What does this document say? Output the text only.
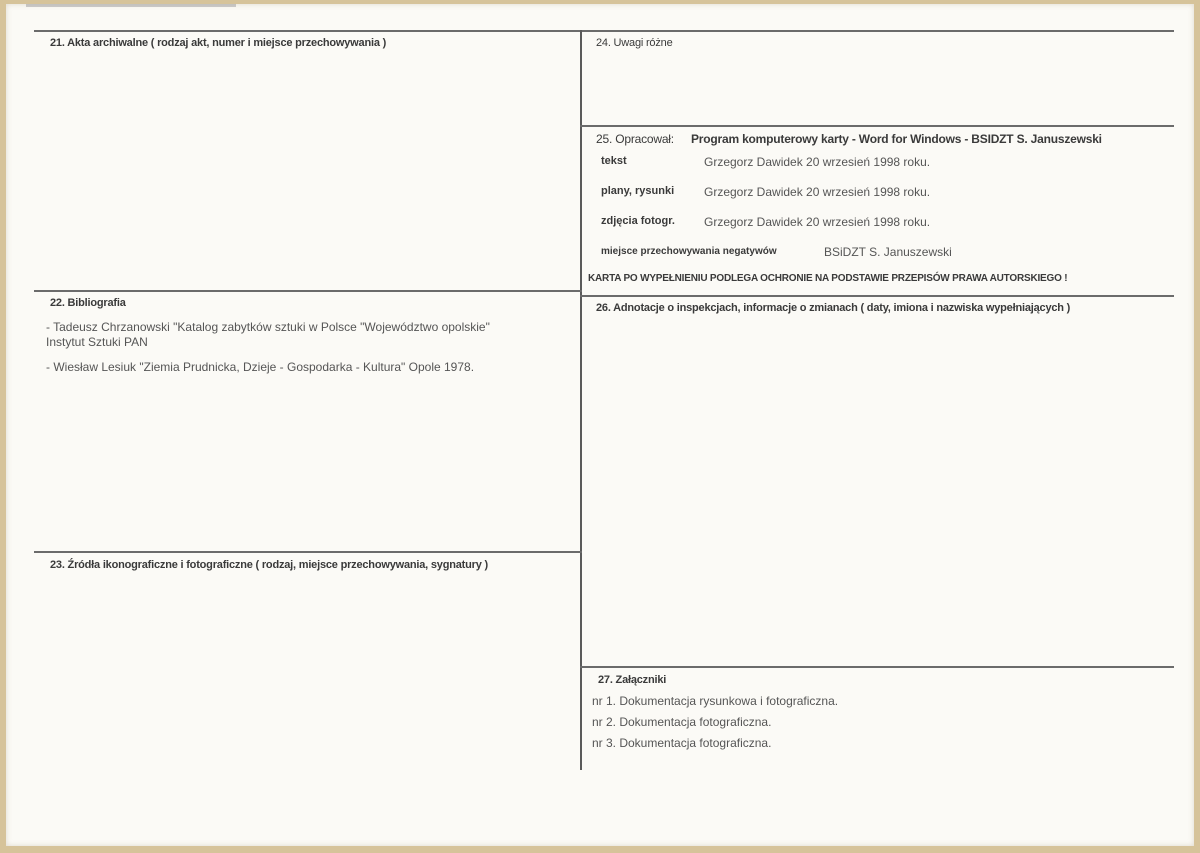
21. Akta archiwalne ( rodzaj akt, numer i miejsce przechowywania )
22. Bibliografia
- Tadeusz Chrzanowski "Katalog zabytków sztuki w Polsce "Województwo opolskie"
Instytut Sztuki PAN
- Wiesław Lesiuk "Ziemia Prudnicka, Dzieje - Gospodarka - Kultura" Opole 1978.
23. Źródła ikonograficzne i fotograficzne ( rodzaj, miejsce przechowywania, sygnatury )
24. Uwagi różne
25. Opracował: Program komputerowy karty - Word for Windows - BSIDZT S. Januszewski
tekst	Grzegorz Dawidek 20 wrzesień 1998 roku.
plany, rysunki Grzegorz Dawidek 20 wrzesień 1998 roku.
zdjęcia fotogr. Grzegorz Dawidek 20 wrzesień 1998 roku.
miejsce przechowywania negatywów	BSiDZT S. Januszewski
KARTA PO WYPEŁNIENIU PODLEGA OCHRONIE NA PODSTAWIE PRZEPISÓW PRAWA AUTORSKIEGO !
26. Adnotacje o inspekcjach, informacje o zmianach ( daty, imiona i nazwiska wypełniających )
27. Załączniki
nr 1. Dokumentacja rysunkowa i fotograficzna.
nr 2. Dokumentacja fotograficzna.
nr 3. Dokumentacja fotograficzna.
